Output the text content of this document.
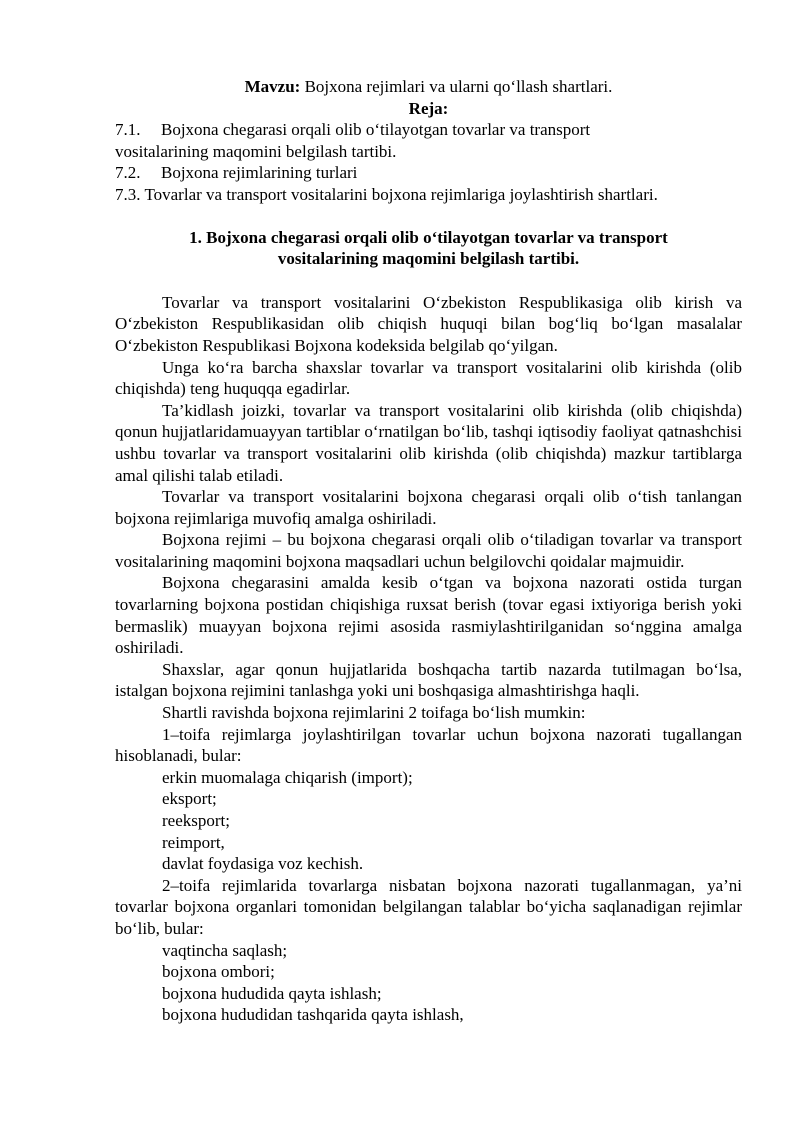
Mavzu: Bojxona rejimlari va ularni qo‘llash shartlari.
Reja:
7.1. Bojxona chegarasi orqali olib o‘tilayotgan tovarlar va transport
vositalarining maqomini belgilash tartibi.
7.2. Bojxona rejimlarining turlari
7.3. Tovarlar va transport vositalarini bojxona rejimlariga joylashtirish shartlari.
1. Bojxona chegarasi orqali olib o‘tilayotgan tovarlar va transport
vositalarining maqomini belgilash tartibi.

Tovarlar va transport vositalarini O‘zbekiston Respublikasiga olib kirish va O‘zbekiston Respublikasidan olib chiqish huquqi bilan bog‘liq bo‘lgan masalalar O‘zbekiston Respublikasi Bojxona kodeksida belgilab qo‘yilgan.

Unga ko‘ra barcha shaxslar tovarlar va transport vositalarini olib kirishda (olib chiqishda) teng huquqqa egadirlar.

Ta’kidlash joizki, tovarlar va transport vositalarini olib kirishda (olib chiqishda) qonun hujjatlaridamuayyan tartiblar o‘rnatilgan bo‘lib, tashqi iqtisodiy faoliyat qatnashchisi ushbu tovarlar va transport vositalarini olib kirishda (olib chiqishda) mazkur tartiblarga amal qilishi talab etiladi.

Tovarlar va transport vositalarini bojxona chegarasi orqali olib o‘tish tanlangan bojxona rejimlariga muvofiq amalga oshiriladi.

Bojxona rejimi – bu bojxona chegarasi orqali olib o‘tiladigan tovarlar va transport vositalarining maqomini bojxona maqsadlari uchun belgilovchi qoidalar majmuidir.

Bojxona chegarasini amalda kesib o‘tgan va bojxona nazorati ostida turgan tovarlarning bojxona postidan chiqishiga ruxsat berish (tovar egasi ixtiyoriga berish yoki bermaslik) muayyan bojxona rejimi asosida rasmiylashtirilganidan so‘nggina amalga oshiriladi.

Shaxslar, agar qonun hujjatlarida boshqacha tartib nazarda tutilmagan bo‘lsa, istalgan bojxona rejimini tanlashga yoki uni boshqasiga almashtirishga haqli.

Shartli ravishda bojxona rejimlarini 2 toifaga bo‘lish mumkin:

1–toifa rejimlarga joylashtirilgan tovarlar uchun bojxona nazorati tugallangan hisoblanadi, bular:

erkin muomalaga chiqarish (import);
eksport;
reeksport;
reimport,
davlat foydasiga voz kechish.

2–toifa rejimlarida tovarlarga nisbatan bojxona nazorati tugallanmagan, ya’ni tovarlar bojxona organlari tomonidan belgilangan talablar bo‘yicha saqlanadigan rejimlar bo‘lib, bular:

vaqtincha saqlash;
bojxona ombori;
bojxona hududida qayta ishlash;
bojxona hududidan tashqarida qayta ishlash,
